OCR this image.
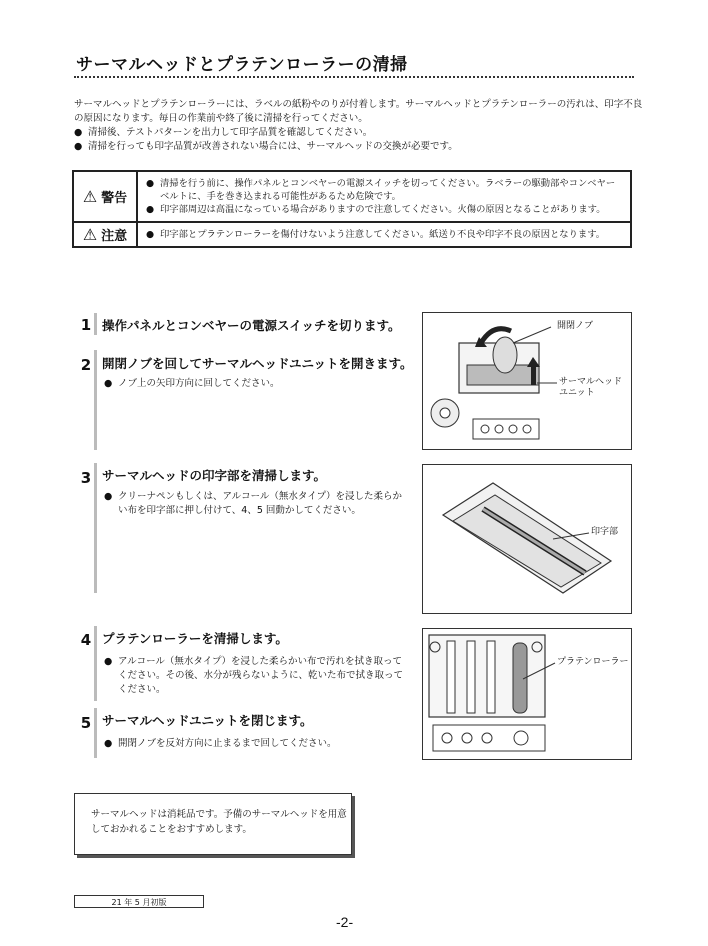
サーマルヘッドとプラテンローラーの清掃

サーマルヘッドとプラテンローラーには、ラベルの紙粉やのりが付着します。サーマルヘッドとプラテンローラーの汚れは、印字不良の原因になります。毎日の作業前や終了後に清掃を行ってください。

● 清掃後、テストパターンを出力して印字品質を確認してください。
● 清掃を行っても印字品質が改善されない場合には、サーマルヘッドの交換が必要です。
⚠ 警告
● 清掃を行う前に、操作パネルとコンベヤーの電源スイッチを切ってください。ラベラーの駆動部やコンベヤーベルトに、手を巻き込まれる可能性があるため危険です。
● 印字部周辺は高温になっている場合がありますので注意してください。火傷の原因となることがあります。
⚠ 注意 ● 印字部とプラテンローラーを傷付けないよう注意してください。紙送り不良や印字不良の原因となります。
1 操作パネルとコンベヤーの電源スイッチを切ります。
2 開閉ノブを回してサーマルヘッドユニットを開きます。
● ノブ上の矢印方向に回してください。
3 サーマルヘッドの印字部を清掃します。
● クリーナペンもしくは、アルコール（無水タイプ）を浸した柔らかい布を印字部に押し付けて、4、5 回動かしてください。
4 プラテンローラーを清掃します。
● アルコール（無水タイプ）を浸した柔らかい布で汚れを拭き取ってください。その後、水分が残らないように、乾いた布で拭き取ってください。
5 サーマルヘッドユニットを閉じます。
● 開閉ノブを反対方向に止まるまで回してください。
開閉ノブ
サーマルヘッド ユニット
印字部
プラテンローラー
サーマルヘッドは消耗品です。予備のサーマルヘッドを用意しておかれることをおすすめします。
21 年 5 月初版
-2-
